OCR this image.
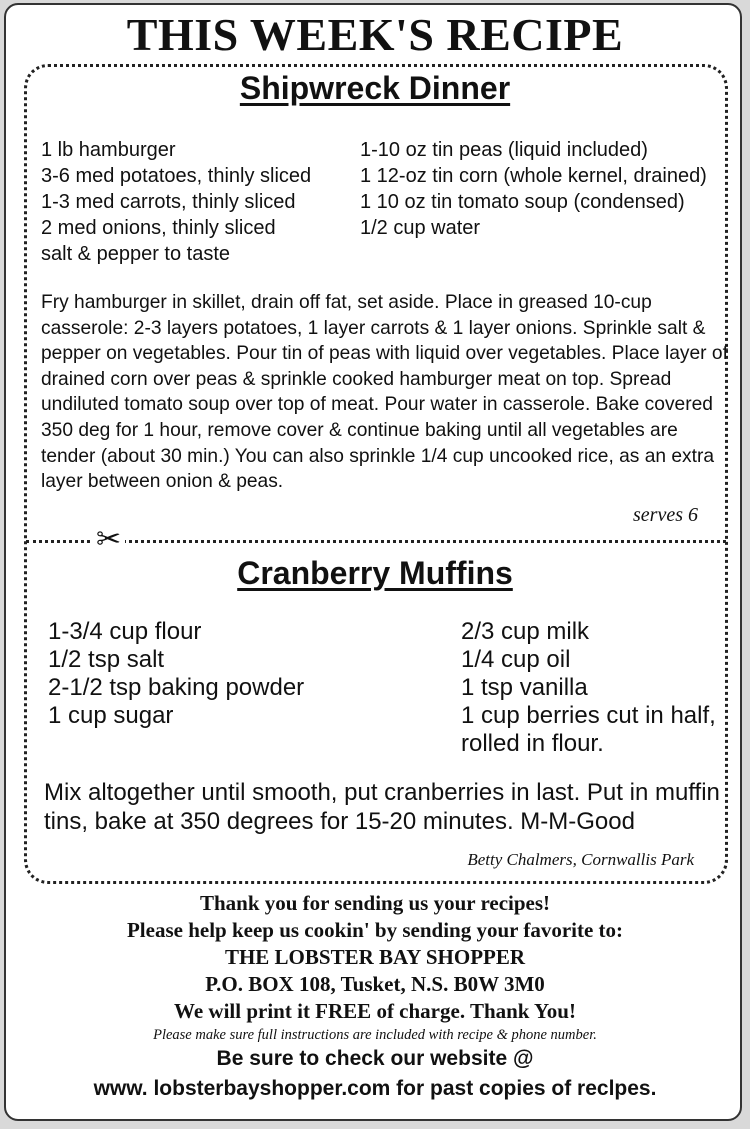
THIS WEEK'S RECIPE
✂
Shipwreck Dinner
1 lb hamburger
3-6 med potatoes, thinly sliced
1-3 med carrots, thinly sliced
2 med onions, thinly sliced
salt & pepper to taste
1-10 oz tin peas (liquid included)
1 12-oz tin corn (whole kernel, drained)
1 10 oz tin tomato soup (condensed)
1/2 cup water

Fry hamburger in skillet, drain off fat, set aside. Place in greased 10-cup casserole: 2-3 layers potatoes, 1 layer carrots & 1 layer onions. Sprinkle salt & pepper on vegetables. Pour tin of peas with liquid over vegetables. Place layer of drained corn over peas & sprinkle cooked hamburger meat on top. Spread undiluted tomato soup over top of meat. Pour water in casserole. Bake covered 350 deg for 1 hour, remove cover & continue baking until all vegetables are tender (about 30 min.) You can also sprinkle 1/4 cup uncooked rice, as an extra layer between onion & peas.

serves 6
Cranberry Muffins
1-3/4 cup flour
1/2 tsp salt
2-1/2 tsp baking powder
1 cup sugar
2/3 cup milk
1/4 cup oil
1 tsp vanilla
1 cup berries cut in half,
rolled in flour.

Mix altogether until smooth, put cranberries in last. Put in muffin tins, bake at 350 degrees for 15-20 minutes. M-M-Good

Betty Chalmers, Cornwallis Park
Thank you for sending us your recipes!
Please help keep us cookin' by sending your favorite to:
THE LOBSTER BAY SHOPPER
P.O. BOX 108, Tusket, N.S. B0W 3M0
We will print it FREE of charge. Thank You!
Please make sure full instructions are included with recipe & phone number.
Be sure to check our website @
www. lobsterbayshopper.com for past copies of reclpes.
